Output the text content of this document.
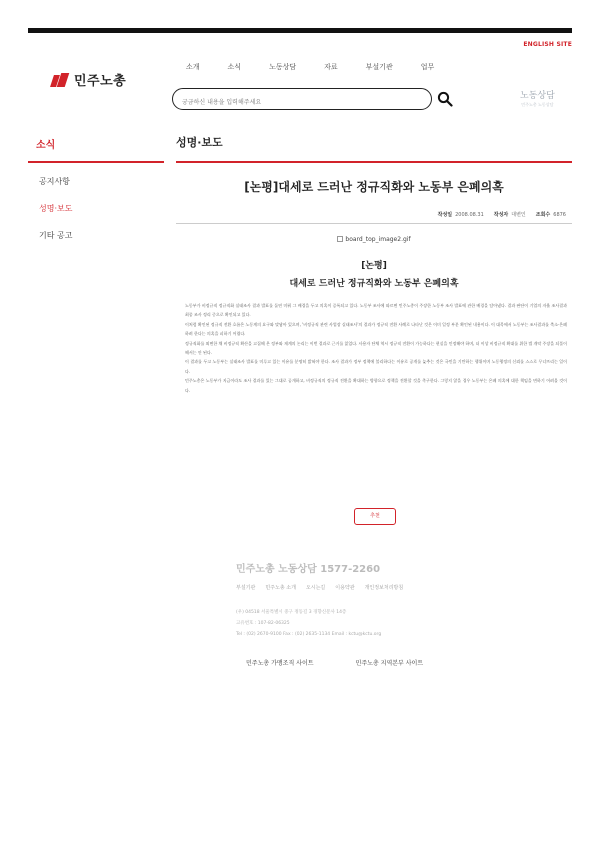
ENGLISH SITE
민주노총
소개	소식	노동상담	자료	부설기관	업무
궁금하신 내용을 입력해주세요
노동상담
민주노총 노동상담
소식
공지사항
성명·보도
기타 공고
성명·보도
[논평]대세로 드러난 정규직화와 노동부 은폐의혹
작성일 2008.08.31 작성자 대변인 조회수 6876
board_top_image2.gif
[논평]
대세로 드러난 정규직화와 노동부 은폐의혹

노동부가 비정규직 정규직화 실태조사 결과 발표를 돌연 미뤄 그 배경을 두고 의혹이 증폭되고 있다. 노동부 조사에 따르면 민주노총이 주장한 노동부 조사 발표에 관한 배경을 담아냈다. 결과 판단이 기업의 자율 조사결과 최종 조사 정리 중으로 확인되고 있다.

이처럼 확인된 정규직 전환 흐름은 노동계의 요구와 맞닿아 있으며, '비정규직 관련 사업장 실태조사'의 결과가 정규직 전환 사례로 나타난 것은 이미 일정 부분 확인된 내용이다. 이 대목에서 노동부는 조사결과를 축소·은폐하려 한다는 의혹을 피하기 어렵다.

정규직화를 외면한 채 비정규직 확산을 고집해 온 정부와 재계의 논리는 이번 결과로 근거를 잃었다. 사용자 단체 역시 정규직 전환이 가능하다는 현실을 인정해야 하며, 더 이상 비정규직 확대를 위한 법 개악 주장을 되풀이해서는 안 된다.

이 결과를 두고 노동부는 실태조사 발표를 미루고 있는 이유를 분명히 밝혀야 한다. 조사 결과가 정부 정책에 불리하다는 이유로 공개를 늦추는 것은 국민을 기만하는 행위이며 노동행정의 신뢰를 스스로 무너뜨리는 일이다.

민주노총은 노동부가 지금이라도 조사 결과를 있는 그대로 공개하고, 비정규직의 정규직 전환을 확대하는 방향으로 정책을 전환할 것을 촉구한다. 그렇지 않을 경우 노동부는 은폐 의혹에 대한 책임을 면하기 어려울 것이다.

추천
민주노총 노동상담 1577-2260
부설기관 민주노총 소개 오시는길 이용약관 개인정보처리방침
(우) 04518 서울특별시 중구 정동길 3 경향신문사 14층
고유번호 : 107-82-06325
Tel : (02) 2670-9100 Fax : (02) 2635-1134 Email : kctu@kctu.org
민주노총 가맹조직 사이트	민주노총 지역본부 사이트
